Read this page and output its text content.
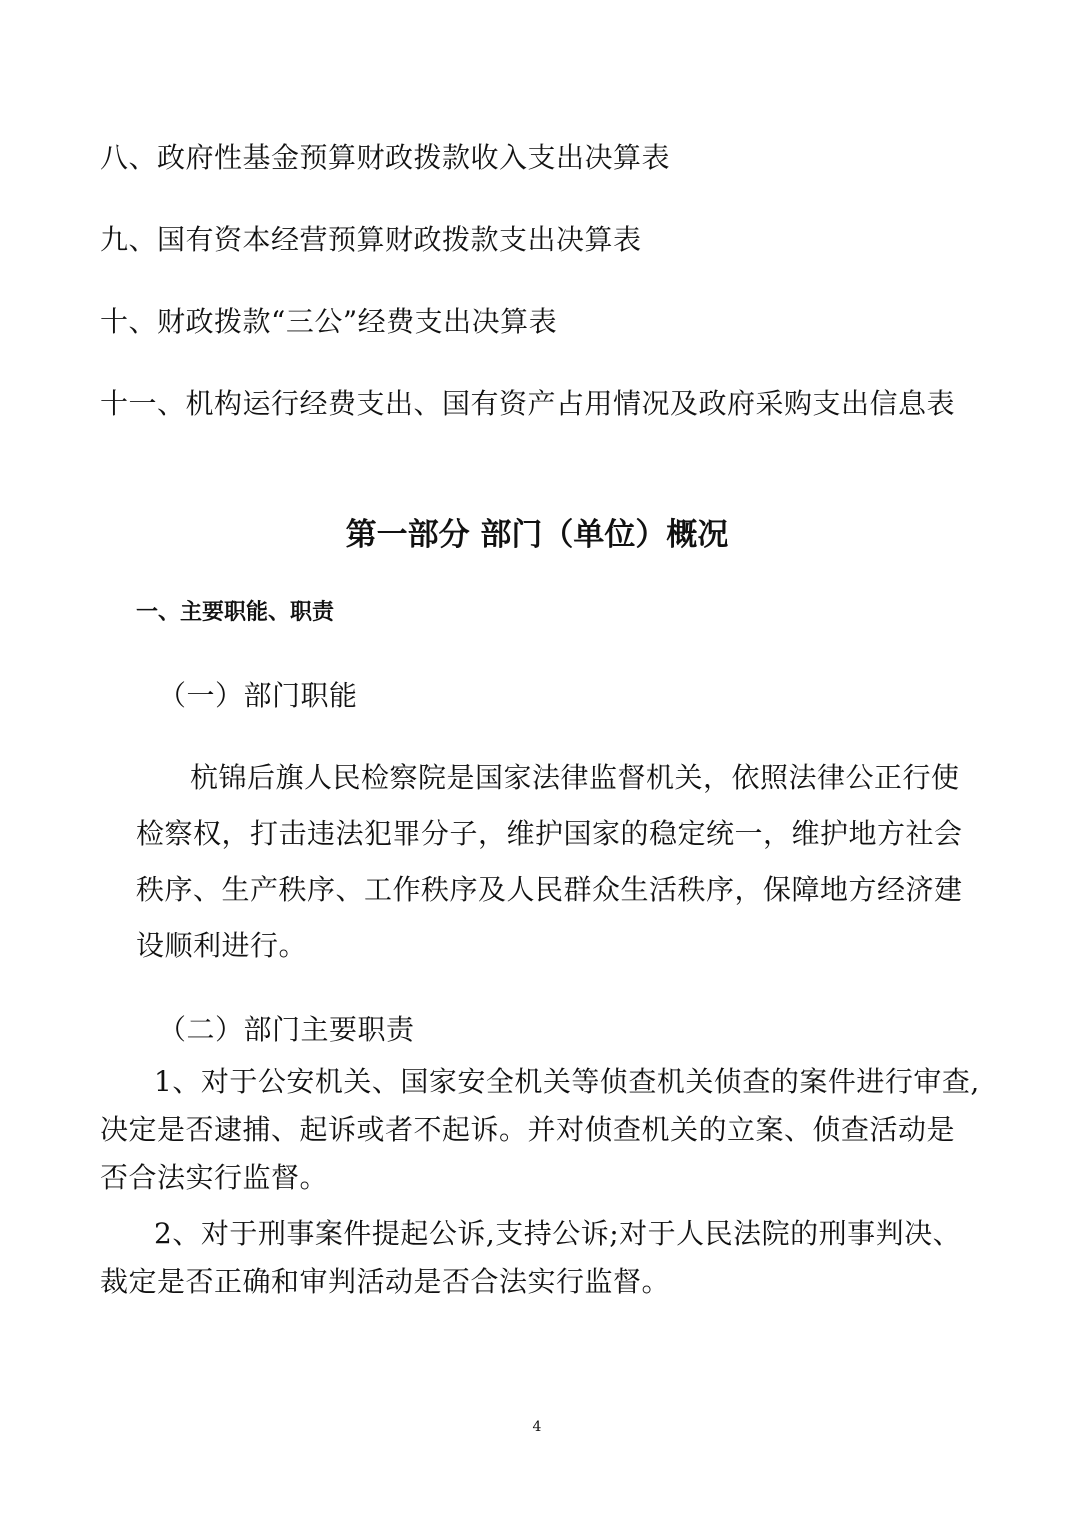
八、政府性基金预算财政拨款收入支出决算表
九、国有资本经营预算财政拨款支出决算表
十、财政拨款“三公”经费支出决算表
十一、机构运行经费支出、国有资产占用情况及政府采购支出信息表
第一部分 部门（单位）概况
一、主要职能、职责
（一）部门职能
杭锦后旗人民检察院是国家法律监督机关，依照法律公正行使
检察权，打击违法犯罪分子，维护国家的稳定统一，维护地方社会
秩序、生产秩序、工作秩序及人民群众生活秩序，保障地方经济建
设顺利进行。
（二）部门主要职责
1、对于公安机关、国家安全机关等侦查机关侦查的案件进行审查,
决定是否逮捕、起诉或者不起诉。并对侦查机关的立案、侦查活动是
否合法实行监督。
2、对于刑事案件提起公诉,支持公诉;对于人民法院的刑事判决、
裁定是否正确和审判活动是否合法实行监督。
4
